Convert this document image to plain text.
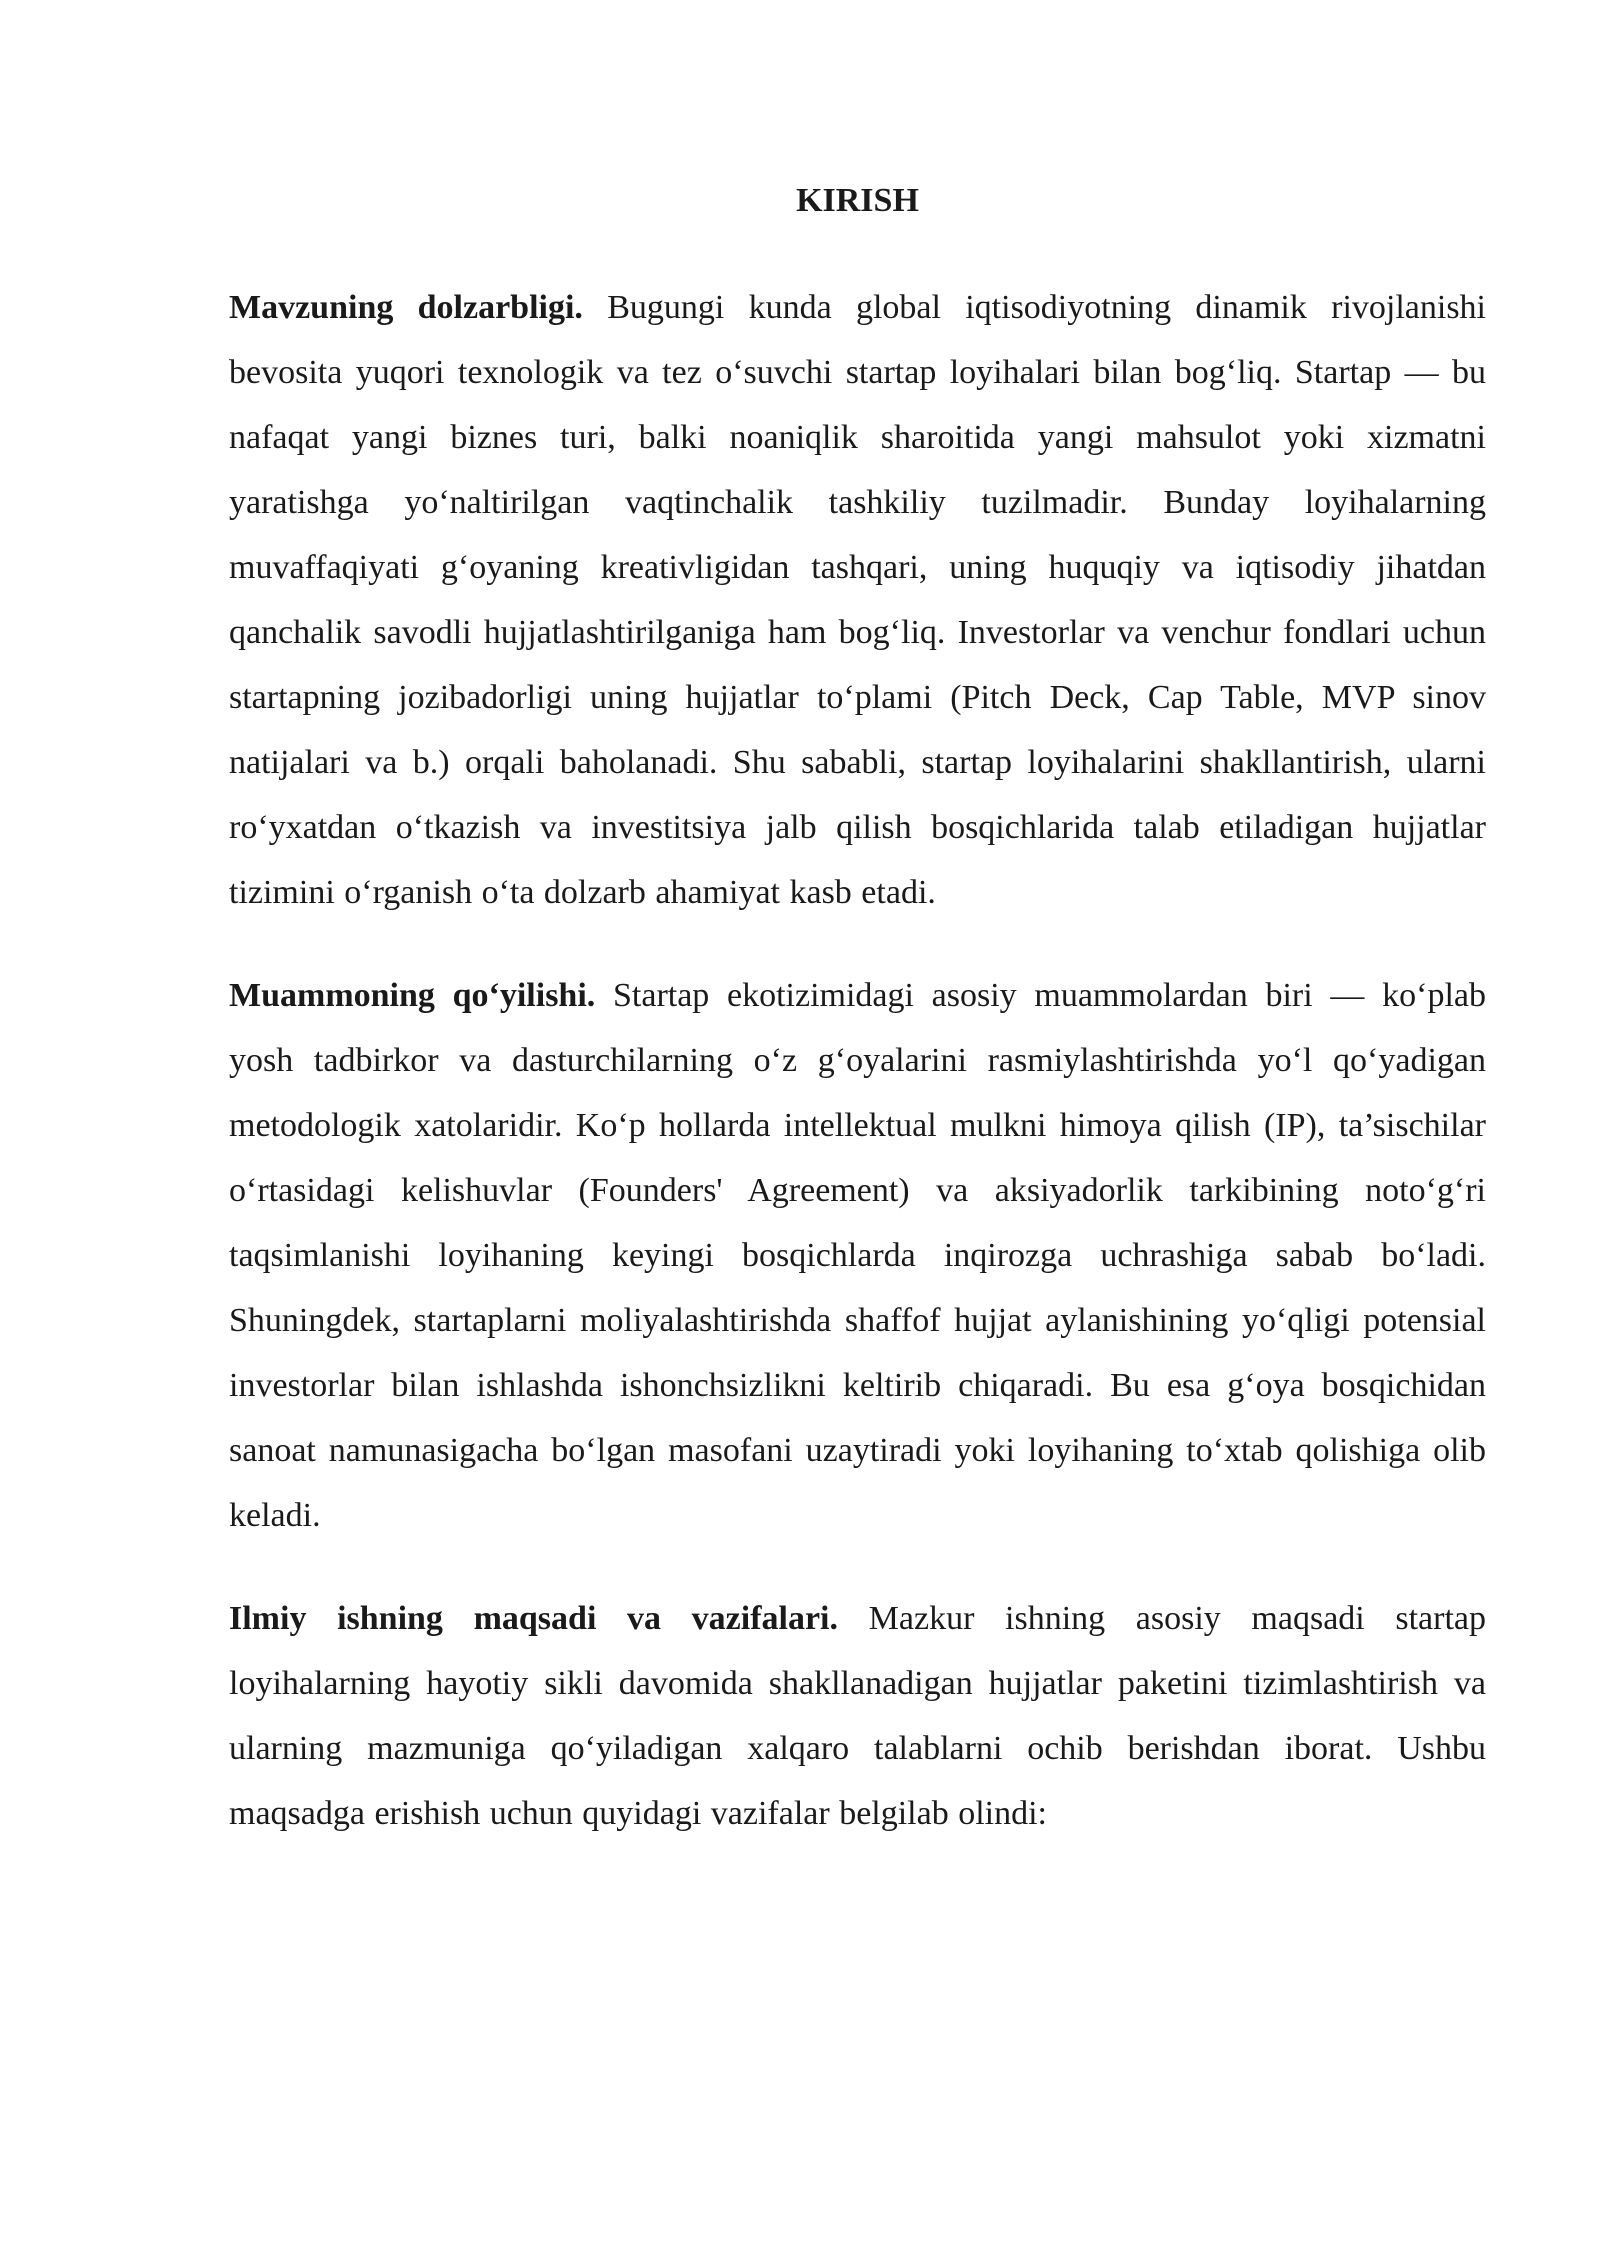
KIRISH

Mavzuning dolzarbligi. Bugungi kunda global iqtisodiyotning dinamik rivojlanishi bevosita yuqori texnologik va tez o‘suvchi startap loyihalari bilan bog‘liq. Startap — bu nafaqat yangi biznes turi, balki noaniqlik sharoitida yangi mahsulot yoki xizmatni yaratishga yo‘naltirilgan vaqtinchalik tashkiliy tuzilmadir. Bunday loyihalarning muvaffaqiyati g‘oyaning kreativligidan tashqari, uning huquqiy va iqtisodiy jihatdan qanchalik savodli hujjatlashtirilganiga ham bog‘liq. Investorlar va venchur fondlari uchun startapning jozibadorligi uning hujjatlar to‘plami (Pitch Deck, Cap Table, MVP sinov natijalari va b.) orqali baholanadi. Shu sababli, startap loyihalarini shakllantirish, ularni ro‘yxatdan o‘tkazish va investitsiya jalb qilish bosqichlarida talab etiladigan hujjatlar tizimini o‘rganish o‘ta dolzarb ahamiyat kasb etadi.

Muammoning qo‘yilishi. Startap ekotizimidagi asosiy muammolardan biri — ko‘plab yosh tadbirkor va dasturchilarning o‘z g‘oyalarini rasmiylashtirishda yo‘l qo‘yadigan metodologik xatolaridir. Ko‘p hollarda intellektual mulkni himoya qilish (IP), ta’sischilar o‘rtasidagi kelishuvlar (Founders' Agreement) va aksiyadorlik tarkibining noto‘g‘ri taqsimlanishi loyihaning keyingi bosqichlarda inqirozga uchrashiga sabab bo‘ladi. Shuningdek, startaplarni moliyalashtirishda shaffof hujjat aylanishining yo‘qligi potensial investorlar bilan ishlashda ishonchsizlikni keltirib chiqaradi. Bu esa g‘oya bosqichidan sanoat namunasigacha bo‘lgan masofani uzaytiradi yoki loyihaning to‘xtab qolishiga olib keladi.

Ilmiy ishning maqsadi va vazifalari. Mazkur ishning asosiy maqsadi startap loyihalarning hayotiy sikli davomida shakllanadigan hujjatlar paketini tizimlashtirish va ularning mazmuniga qo‘yiladigan xalqaro talablarni ochib berishdan iborat. Ushbu maqsadga erishish uchun quyidagi vazifalar belgilab olindi:
